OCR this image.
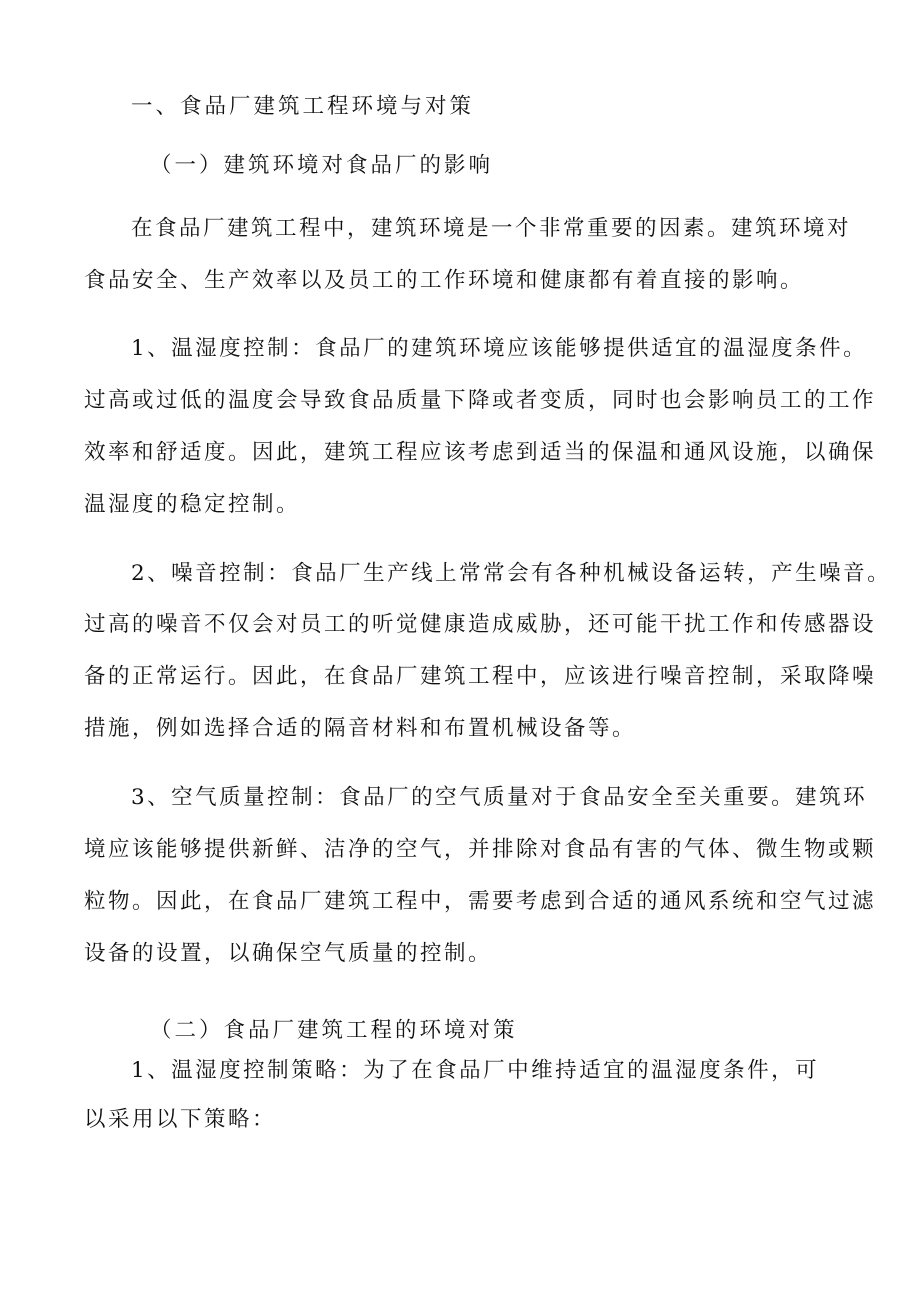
一、食品厂建筑工程环境与对策
（一）建筑环境对食品厂的影响
在食品厂建筑工程中，建筑环境是一个非常重要的因素。建筑环境对
食品安全、生产效率以及员工的工作环境和健康都有着直接的影响。
1、温湿度控制：食品厂的建筑环境应该能够提供适宜的温湿度条件。
过高或过低的温度会导致食品质量下降或者变质，同时也会影响员工的工作
效率和舒适度。因此，建筑工程应该考虑到适当的保温和通风设施，以确保
温湿度的稳定控制。
2、噪音控制：食品厂生产线上常常会有各种机械设备运转，产生噪音。
过高的噪音不仅会对员工的听觉健康造成威胁，还可能干扰工作和传感器设
备的正常运行。因此，在食品厂建筑工程中，应该进行噪音控制，采取降噪
措施，例如选择合适的隔音材料和布置机械设备等。
3、空气质量控制：食品厂的空气质量对于食品安全至关重要。建筑环
境应该能够提供新鲜、洁净的空气，并排除对食品有害的气体、微生物或颗
粒物。因此，在食品厂建筑工程中，需要考虑到合适的通风系统和空气过滤
设备的设置，以确保空气质量的控制。
（二）食品厂建筑工程的环境对策
1、温湿度控制策略：为了在食品厂中维持适宜的温湿度条件，可
以采用以下策略：
